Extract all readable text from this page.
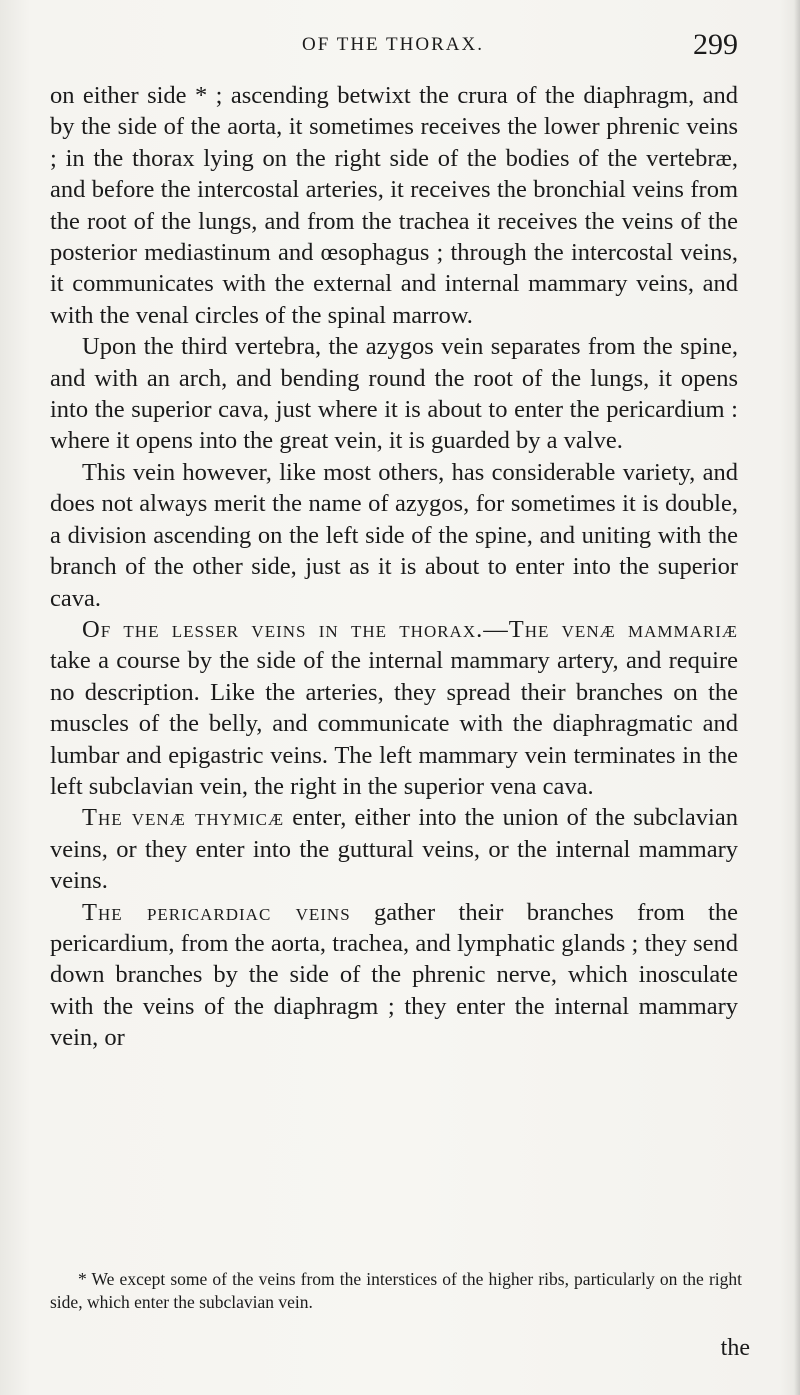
OF THE THORAX.	299

on either side * ; ascending betwixt the crura of the diaphragm, and by the side of the aorta, it sometimes receives the lower phrenic veins ; in the thorax lying on the right side of the bodies of the vertebræ, and before the intercostal arteries, it receives the bronchial veins from the root of the lungs, and from the trachea it receives the veins of the posterior mediastinum and œsophagus ; through the intercostal veins, it communicates with the external and internal mammary veins, and with the venal circles of the spinal marrow.

Upon the third vertebra, the azygos vein separates from the spine, and with an arch, and bending round the root of the lungs, it opens into the superior cava, just where it is about to enter the pericardium : where it opens into the great vein, it is guarded by a valve.

This vein however, like most others, has considerable variety, and does not always merit the name of azygos, for sometimes it is double, a division ascending on the left side of the spine, and uniting with the branch of the other side, just as it is about to enter into the superior cava.

Of the lesser veins in the thorax.—The venæ mammariæ take a course by the side of the internal mammary artery, and require no description. Like the arteries, they spread their branches on the muscles of the belly, and communicate with the diaphragmatic and lumbar and epigastric veins. The left mammary vein terminates in the left subclavian vein, the right in the superior vena cava.

The venæ thymicæ enter, either into the union of the subclavian veins, or they enter into the guttural veins, or the internal mammary veins.

The pericardiac veins gather their branches from the pericardium, from the aorta, trachea, and lymphatic glands ; they send down branches by the side of the phrenic nerve, which inosculate with the veins of the diaphragm ; they enter the internal mammary vein, or

* We except some of the veins from the interstices of the higher ribs, particularly on the right side, which enter the subclavian vein.

the
